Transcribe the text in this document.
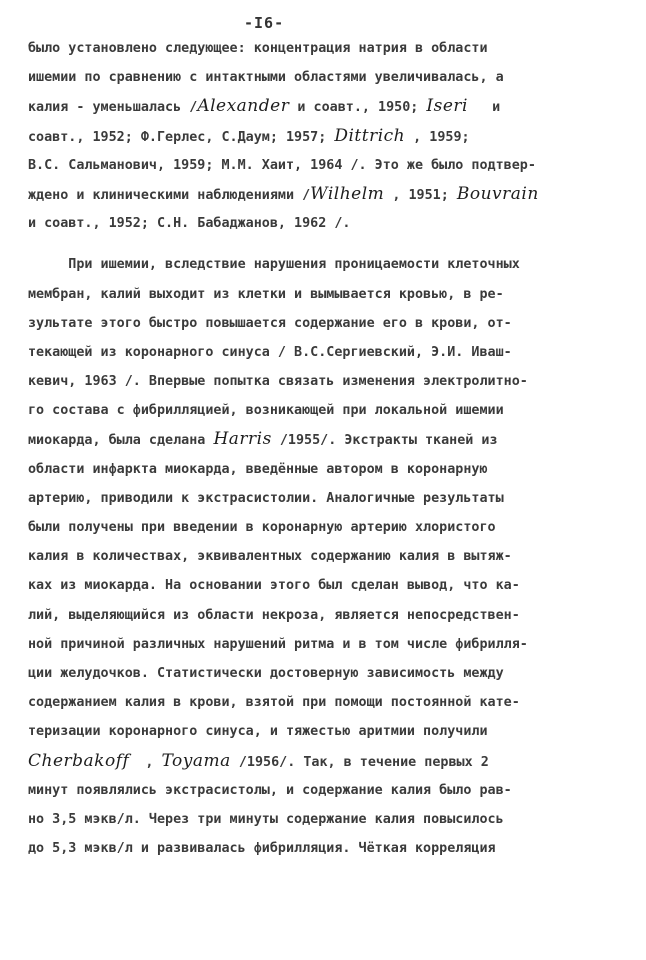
-I6-
было установлено следующее: концентрация натрия в области
ишемии по сравнению с интактными областями увеличивалась, а
калия - уменьшалась /Alexander и соавт., 1950; Iseri   и
соавт., 1952; Ф.Герлес, С.Даум; 1957; Dittrich , 1959;
В.С. Сальманович, 1959; М.М. Хаит, 1964 /. Это же было подтвер-
ждено и клиническими наблюдениями /Wilhelm , 1951; Bouvrain
и соавт., 1952; С.Н. Бабаджанов, 1962 /.
При ишемии, вследствие нарушения проницаемости клеточных
мембран, калий выходит из клетки и вымывается кровью, в ре-
зультате этого быстро повышается содержание его в крови, от-
текающей из коронарного синуса / В.С.Сергиевский, Э.И. Иваш-
кевич, 1963 /. Впервые попытка связать изменения электролитно-
го состава с фибрилляцией, возникающей при локальной ишемии
миокарда, была сделана Harris /1955/. Экстракты тканей из
области инфаркта миокарда, введённые автором в коронарную
артерию, приводили к экстрасистолии. Аналогичные результаты
были получены при введении в коронарную артерию хлористого
калия в количествах, эквивалентных содержанию калия в вытяж-
ках из миокарда. На основании этого был сделан вывод, что ка-
лий, выделяющийся из области некроза, является непосредствен-
ной причиной различных нарушений ритма и в том числе фибрилля-
ции желудочков. Статистически достоверную зависимость между
содержанием калия в крови, взятой при помощи постоянной кате-
теризации коронарного синуса, и тяжестью аритмии получили
Cherbakoff  , Toyama /1956/. Так, в течение первых 2
минут появлялись экстрасистолы, и содержание калия было рав-
но 3,5 мэкв/л. Через три минуты содержание калия повысилось
до 5,3 мэкв/л и развивалась фибрилляция. Чёткая корреляция
